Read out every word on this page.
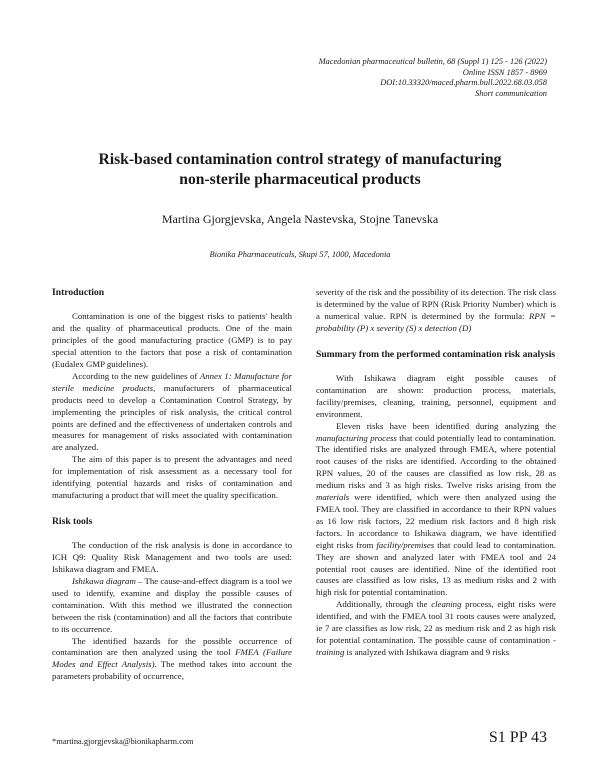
Macedonian pharmaceutical bulletin, 68 (Suppl 1) 125 - 126 (2022)
Online ISSN 1857 - 8969
DOI:10.33320/maced.pharm.bull.2022.68.03.058
Short communication
Risk-based contamination control strategy of manufacturing
non-sterile pharmaceutical products
Martina Gjorgjevska, Angela Nastevska, Stojne Tanevska
Bionika Pharmaceuticals, Skupi 57, 1000, Macedonia
Introduction

Contamination is one of the biggest risks to patients' health and the quality of pharmaceutical products. One of the main principles of the good manufacturing practice (GMP) is to pay special attention to the factors that pose a risk of contamination (Eudalex GMP guidelines).

According to the new guidelines of Annex 1: Manufacture for sterile medicine products, manufacturers of pharmaceutical products need to develop a Contamination Control Strategy, by implementing the principles of risk analysis, the critical control points are defined and the effectiveness of undertaken controls and measures for management of risks associated with contamination are analyzed.

The aim of this paper is to present the advantages and need for implementation of risk assessment as a necessary tool for identifying potential hazards and risks of contamination and manufacturing a product that will meet the quality specification.

Risk tools

The conduction of the risk analysis is done in accordance to ICH Q9: Quality Risk Management and two tools are used: Ishikawa diagram and FMEA.

Ishikawa diagram – The cause-and-effect diagram is a tool we used to identify, examine and display the possible causes of contamination. With this method we illustrated the connection between the risk (contamination) and all the factors that contribute to its occurrence.

The identified hazards for the possible occurrence of contamination are then analyzed using the tool FMEA (Failure Modes and Effect Analysis). The method takes into account the parameters probability of occurrence,

severity of the risk and the possibility of its detection. The risk class is determined by the value of RPN (Risk Priority Number) which is a numerical value. RPN is determined by the formula: RPN = probability (P) x severity (S) x detection (D)

Summary from the performed contamination risk analysis

With Ishikawa diagram eight possible causes of contamination are shown: production process, materials, facility/premises, cleaning, training, personnel, equipment and environment.

Eleven risks have been identified during analyzing the manufacturing process that could potentially lead to contamination. The identified risks are analyzed through FMEA, where potential root causes of the risks are identified. According to the obtained RPN values, 20 of the causes are classified as low risk, 28 as medium risks and 3 as high risks. Twelve risks arising from the materials were identified, which were then analyzed using the FMEA tool. They are classified in accordance to their RPN values as 16 low risk factors, 22 medium risk factors and 8 high risk factors. In accordance to Ishikawa diagram, we have identified eight risks from facility/premises that could lead to contamination. They are shown and analyzed later with FMEA tool and 24 potential root causes are identified. Nine of the identified root causes are classified as low risks, 13 as medium risks and 2 with high risk for potential contamination.

Additionally, through the cleaning process, eight risks were identified, and with the FMEA tool 31 roots causes were analyzed, ie 7 are classifies as low risk, 22 as medium risk and 2 as high risk for potential contamination. The possible cause of contamination - training is analyzed with Ishikawa diagram and 9 risks

*martina.gjorgjevska@bionikapharm.com	S1 PP 43
